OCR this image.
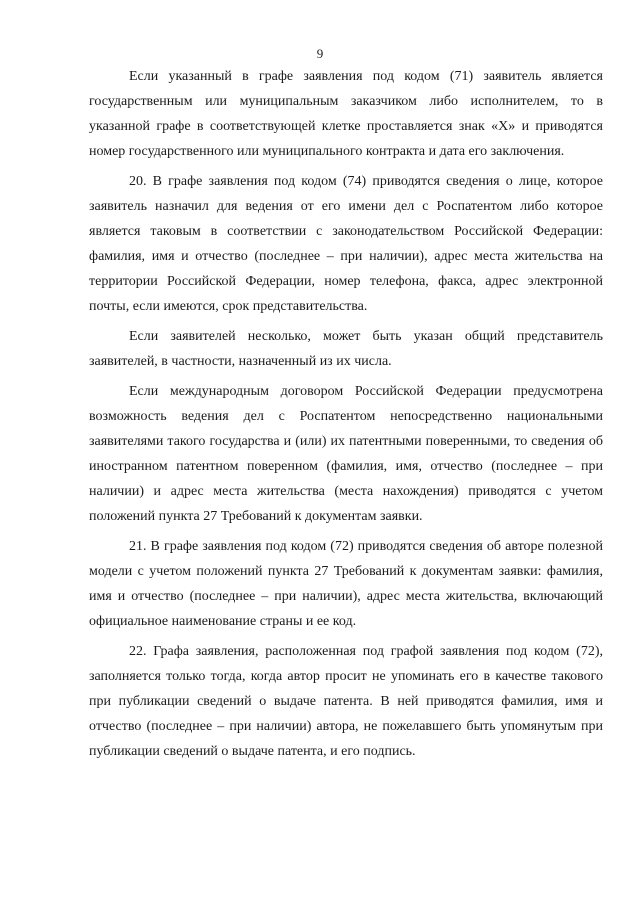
9

Если указанный в графе заявления под кодом (71) заявитель является государственным или муниципальным заказчиком либо исполнителем, то в указанной графе в соответствующей клетке проставляется знак «Х» и приводятся номер государственного или муниципального контракта и дата его заключения.

20. В графе заявления под кодом (74) приводятся сведения о лице, которое заявитель назначил для ведения от его имени дел с Роспатентом либо которое является таковым в соответствии с законодательством Российской Федерации: фамилия, имя и отчество (последнее – при наличии), адрес места жительства на территории Российской Федерации, номер телефона, факса, адрес электронной почты, если имеются, срок представительства.

Если заявителей несколько, может быть указан общий представитель заявителей, в частности, назначенный из их числа.

Если международным договором Российской Федерации предусмотрена возможность ведения дел с Роспатентом непосредственно национальными заявителями такого государства и (или) их патентными поверенными, то сведения об иностранном патентном поверенном (фамилия, имя, отчество (последнее – при наличии) и адрес места жительства (места нахождения) приводятся с учетом положений пункта 27 Требований к документам заявки.

21. В графе заявления под кодом (72) приводятся сведения об авторе полезной модели с учетом положений пункта 27 Требований к документам заявки: фамилия, имя и отчество (последнее – при наличии), адрес места жительства, включающий официальное наименование страны и ее код.

22. Графа заявления, расположенная под графой заявления под кодом (72), заполняется только тогда, когда автор просит не упоминать его в качестве такового при публикации сведений о выдаче патента. В ней приводятся фамилия, имя и отчество (последнее – при наличии) автора, не пожелавшего быть упомянутым при публикации сведений о выдаче патента, и его подпись.
